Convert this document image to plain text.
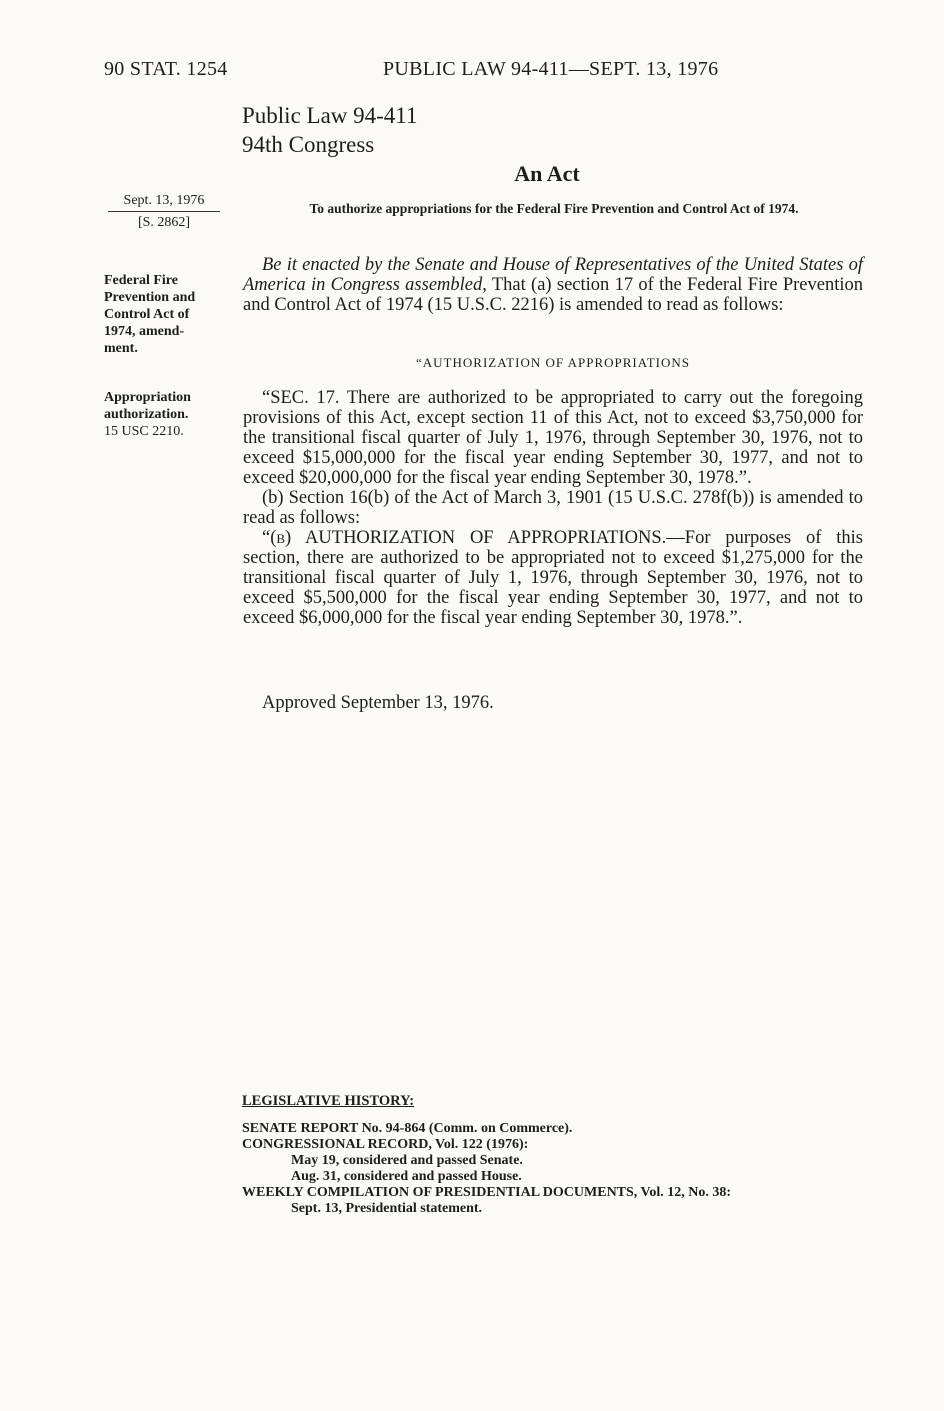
90 STAT. 1254	PUBLIC LAW 94-411—SEPT. 13, 1976
Public Law 94-411
94th Congress
An Act
Sept. 13, 1976
[S. 2862]
To authorize appropriations for the Federal Fire Prevention and Control Act of 1974.
Federal Fire
Prevention and
Control Act of
1974, amend-
ment.
Appropriation
authorization.
15 USC 2210.

Be it enacted by the Senate and House of Representatives of the United States of America in Congress assembled, That (a) section 17 of the Federal Fire Prevention and Control Act of 1974 (15 U.S.C. 2216) is amended to read as follows:

“AUTHORIZATION OF APPROPRIATIONS

“SEC. 17. There are authorized to be appropriated to carry out the foregoing provisions of this Act, except section 11 of this Act, not to exceed $3,750,000 for the transitional fiscal quarter of July 1, 1976, through September 30, 1976, not to exceed $15,000,000 for the fiscal year ending September 30, 1977, and not to exceed $20,000,000 for the fiscal year ending September 30, 1978.”.

(b) Section 16(b) of the Act of March 3, 1901 (15 U.S.C. 278f(b)) is amended to read as follows:

“(b) AUTHORIZATION OF APPROPRIATIONS.—For purposes of this section, there are authorized to be appropriated not to exceed $1,275,000 for the transitional fiscal quarter of July 1, 1976, through September 30, 1976, not to exceed $5,500,000 for the fiscal year ending September 30, 1977, and not to exceed $6,000,000 for the fiscal year ending September 30, 1978.”.

Approved September 13, 1976.
LEGISLATIVE HISTORY:
SENATE REPORT No. 94-864 (Comm. on Commerce).
CONGRESSIONAL RECORD, Vol. 122 (1976):
May 19, considered and passed Senate.
Aug. 31, considered and passed House.
WEEKLY COMPILATION OF PRESIDENTIAL DOCUMENTS, Vol. 12, No. 38:
Sept. 13, Presidential statement.
